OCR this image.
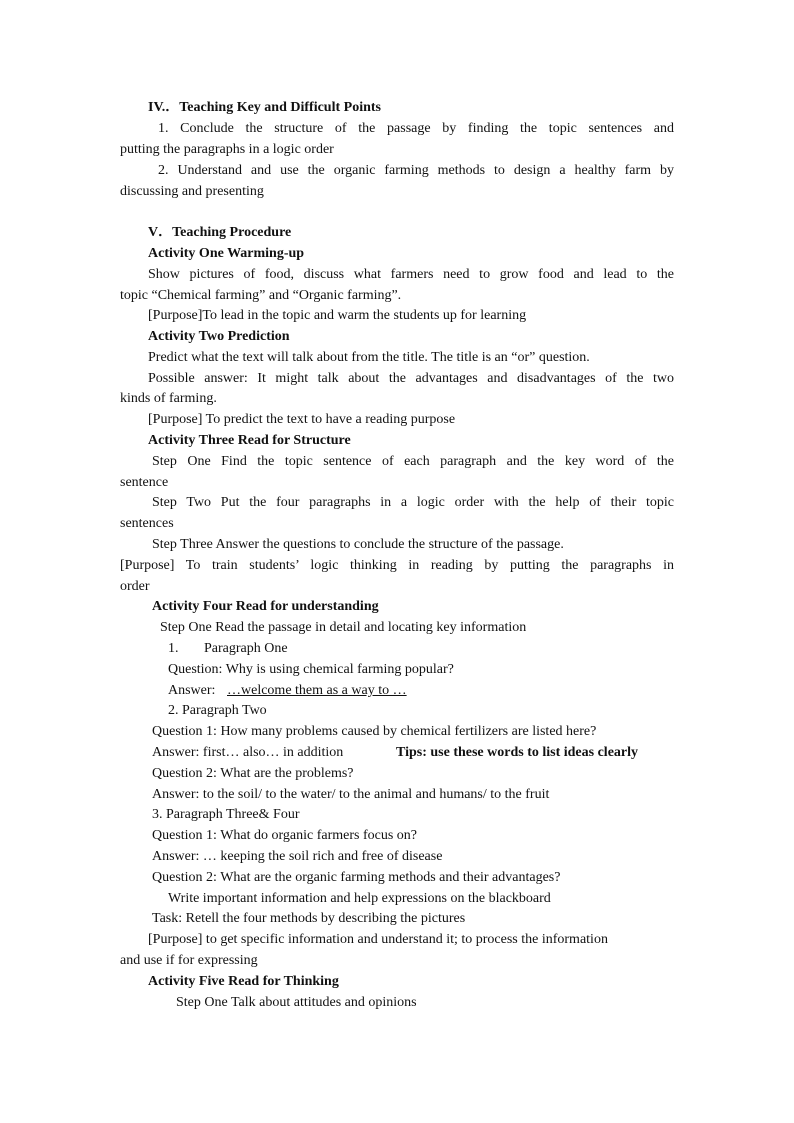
IV.．Teaching Key and Difficult Points
1. Conclude the structure of the passage by finding the topic sentences and
putting the paragraphs in a logic order
2. Understand and use the organic farming methods to design a healthy farm by
discussing and presenting
V．Teaching Procedure
Activity One Warming-up
Show pictures of food, discuss what farmers need to grow food and lead to the
topic “Chemical farming” and “Organic farming”.
[Purpose]To lead in the topic and warm the students up for learning
Activity Two Prediction
Predict what the text will talk about from the title. The title is an “or” question.
Possible answer: It might talk about the advantages and disadvantages of the two
kinds of farming.
[Purpose] To predict the text to have a reading purpose
Activity Three Read for Structure
Step One Find the topic sentence of each paragraph and the key word of the
sentence
Step Two Put the four paragraphs in a logic order with the help of their topic
sentences
Step Three Answer the questions to conclude the structure of the passage.
[Purpose] To train students’ logic thinking in reading by putting the paragraphs in
order
Activity Four Read for understanding
Step One Read the passage in detail and locating key information
1. Paragraph One
Question: Why is using chemical farming popular?
Answer: …welcome them as a way to …
2. Paragraph Two
Question 1: How many problems caused by chemical fertilizers are listed here?
Answer: first… also… in addition	Tips: use these words to list ideas clearly
Question 2: What are the problems?
Answer: to the soil/ to the water/ to the animal and humans/ to the fruit
3. Paragraph Three& Four
Question 1: What do organic farmers focus on?
Answer: … keeping the soil rich and free of disease
Question 2: What are the organic farming methods and their advantages?
Write important information and help expressions on the blackboard
Task: Retell the four methods by describing the pictures
[Purpose] to get specific information and understand it; to process the information
and use if for expressing
Activity Five Read for Thinking
Step One Talk about attitudes and opinions
